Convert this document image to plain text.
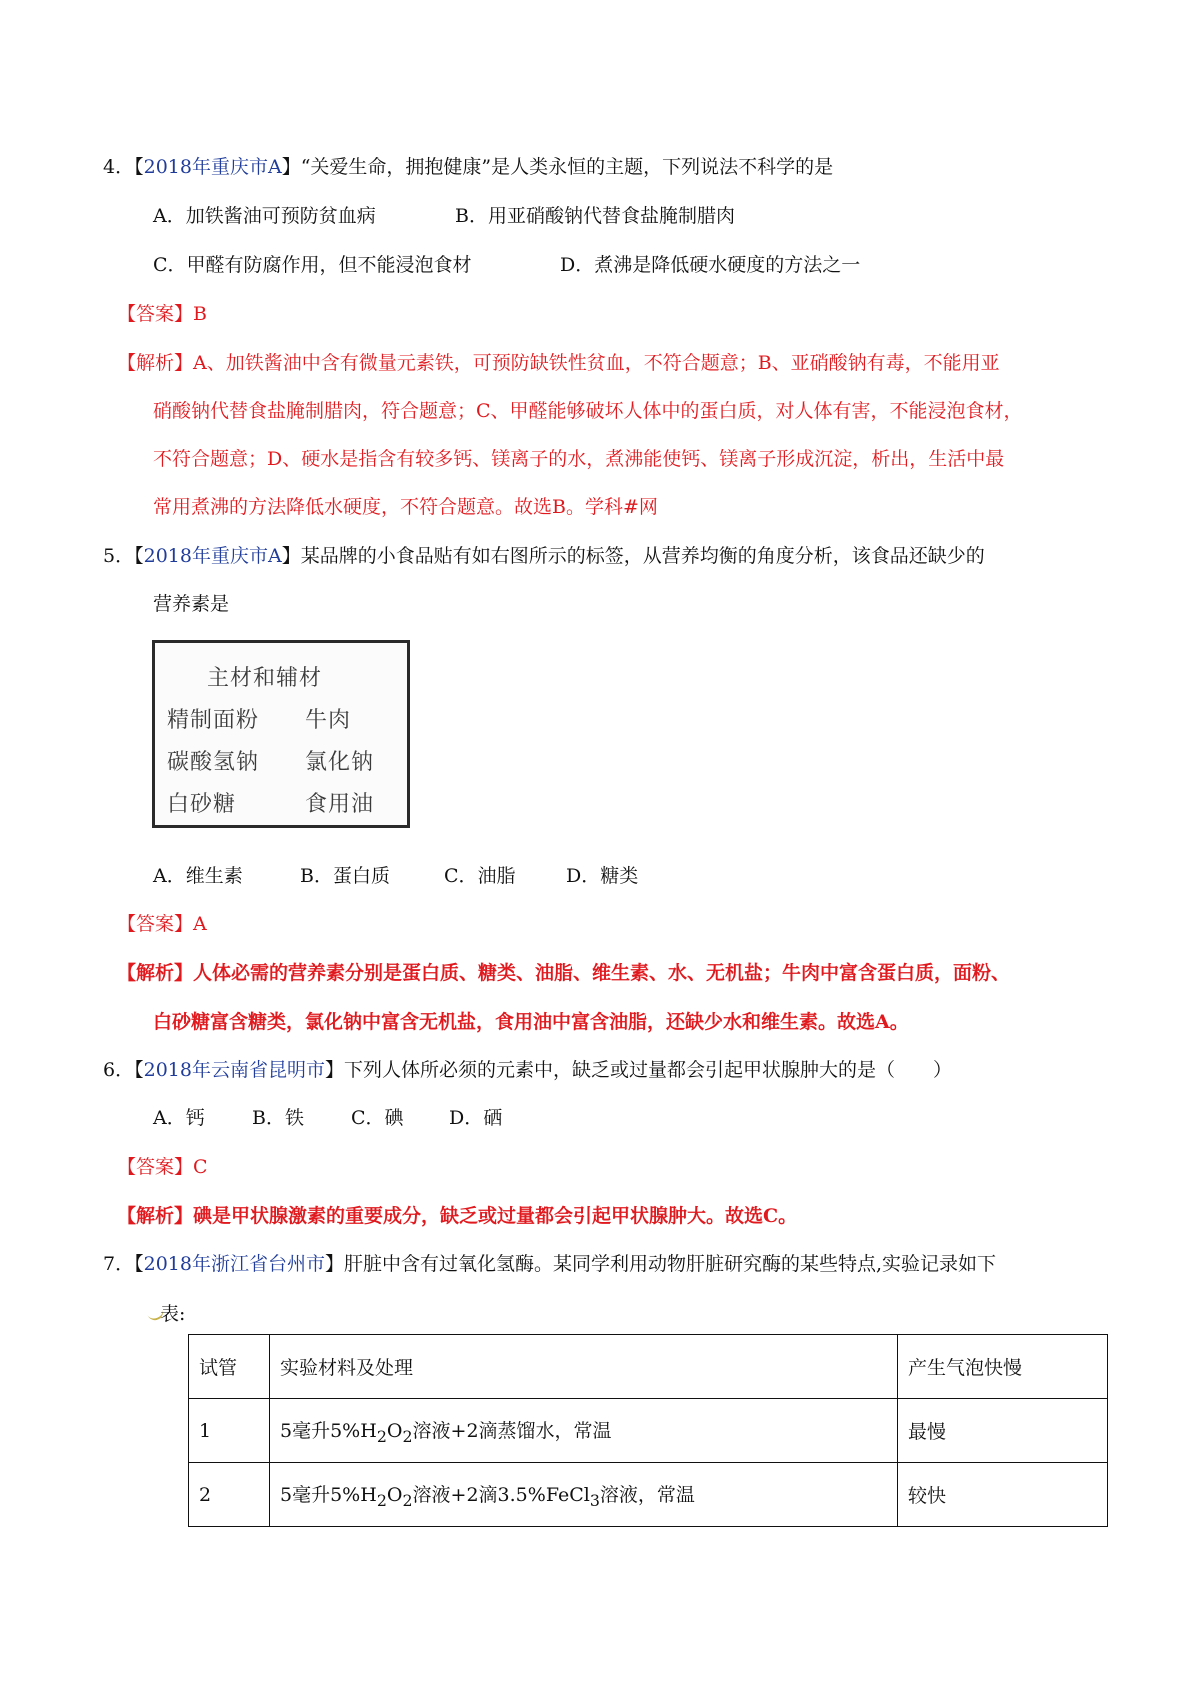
4．【2018年重庆市A】“关爱生命，拥抱健康”是人类永恒的主题，下列说法不科学的是
A．加铁酱油可预防贫血病	B．用亚硝酸钠代替食盐腌制腊肉
C．甲醛有防腐作用，但不能浸泡食材	D．煮沸是降低硬水硬度的方法之一
【答案】B
【解析】A、加铁酱油中含有微量元素铁，可预防缺铁性贫血，不符合题意；B、亚硝酸钠有毒，不能用亚
硝酸钠代替食盐腌制腊肉，符合题意；C、甲醛能够破坏人体中的蛋白质，对人体有害，不能浸泡食材，
不符合题意；D、硬水是指含有较多钙、镁离子的水，煮沸能使钙、镁离子形成沉淀，析出，生活中最
常用煮沸的方法降低水硬度，不符合题意。故选B。学科#网
5．【2018年重庆市A】某品牌的小食品贴有如右图所示的标签，从营养均衡的角度分析，该食品还缺少的
营养素是
主材和辅材
精制面粉 牛肉
碳酸氢钠 氯化钠
白砂糖	食用油
A．维生素	B．蛋白质	C．油脂	D．糖类
【答案】A
【解析】人体必需的营养素分别是蛋白质、糖类、油脂、维生素、水、无机盐；牛肉中富含蛋白质，面粉、
白砂糖富含糖类，氯化钠中富含无机盐，食用油中富含油脂，还缺少水和维生素。故选A。
6．【2018年云南省昆明市】下列人体所必须的元素中，缺乏或过量都会引起甲状腺肿大的是（　　）
A．钙 B．铁 C．碘 D．硒
【答案】C
【解析】碘是甲状腺激素的重要成分，缺乏或过量都会引起甲状腺肿大。故选C。
7．【2018年浙江省台州市】肝脏中含有过氧化氢酶。某同学利用动物肝脏研究酶的某些特点,实验记录如下
表:
试管	实验材料及处理	产生气泡快慢
1	5毫升$5\%H_2O_2$溶液+2滴蒸馏水，常温	最慢
2	5毫升$5\%H_2O_2$溶液+2滴3.5%FeCl$_3$溶液，常温	较快
